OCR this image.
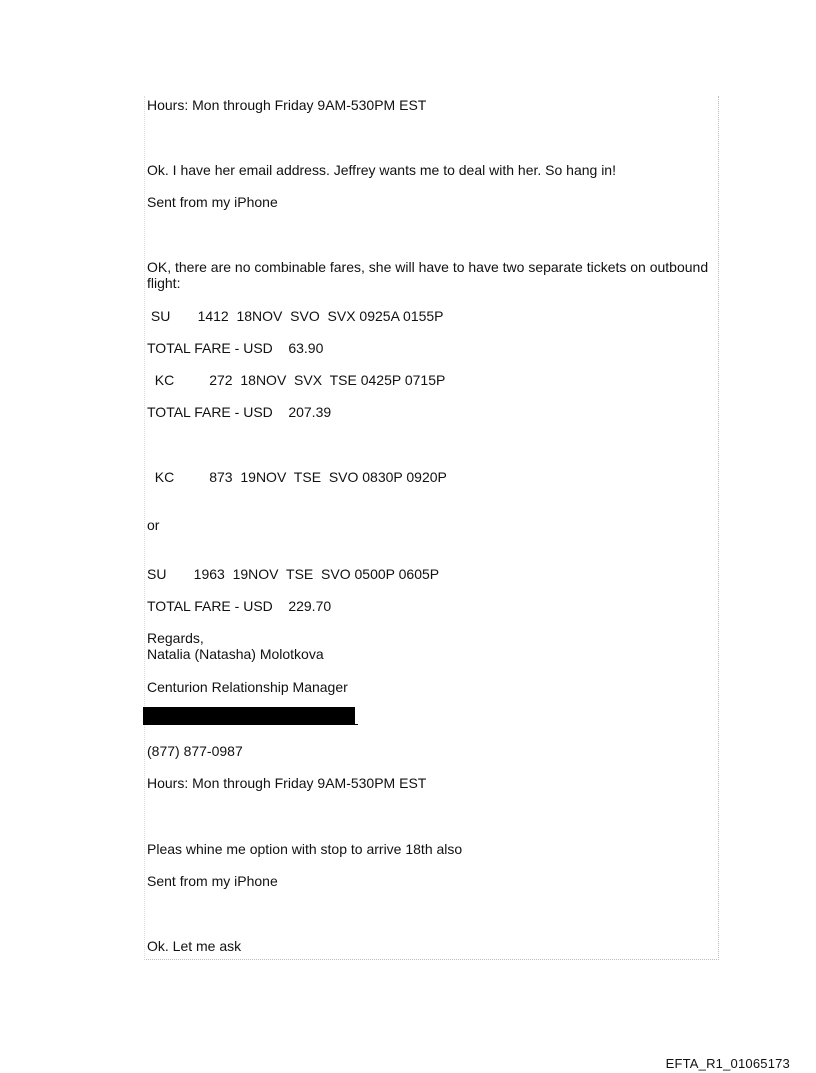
Hours: Mon through Friday 9AM-530PM EST

Ok. I have her email address. Jeffrey wants me to deal with her. So hang in!

Sent from my iPhone

OK, there are no combinable fares, she will have to have two separate tickets on outbound flight:

SU       1412  18NOV  SVO  SVX 0925A 0155P

TOTAL FARE - USD    63.90

KC         272  18NOV  SVX  TSE 0425P 0715P

TOTAL FARE - USD    207.39

KC         873  19NOV  TSE  SVO 0830P 0920P

or

SU       1963  19NOV  TSE  SVO 0500P 0605P

TOTAL FARE - USD    229.70

Regards,

Natalia (Natasha) Molotkova

Centurion Relationship Manager

(877) 877-0987

Hours: Mon through Friday 9AM-530PM EST

Pleas whine me option with stop to arrive 18th also

Sent from my iPhone

Ok. Let me ask

EFTA_R1_01065173
